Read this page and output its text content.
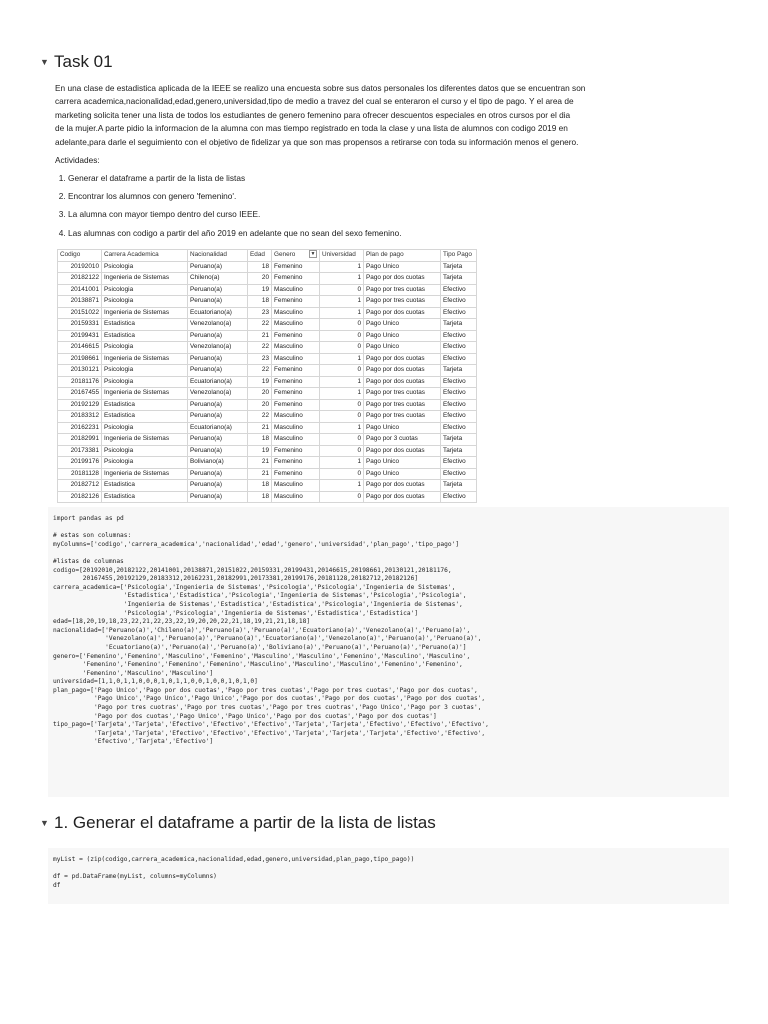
▼ Task 01

En una clase de estadistica aplicada de la IEEE se realizo una encuesta sobre sus datos personales los diferentes datos que se encuentran son

carrera academica,nacionalidad,edad,genero,universidad,tipo de medio a travez del cual se enteraron el curso y el tipo de pago. Y el area de

marketing solicita tener una lista de todos los estudiantes de genero femenino para ofrecer descuentos especiales en otros cursos por el dia

de la mujer.A parte pidio la informacion de la alumna con mas tiempo registrado en toda la clase y una lista de alumnos con codigo 2019 en

adelante,para darle el seguimiento con el objetivo de fidelizar ya que son mas propensos a retirarse con toda su información menos el genero.

Actividades:
1. Generar el dataframe a partir de la lista de listas
2. Encontrar los alumnos con genero 'femenino'.
3. La alumna con mayor tiempo dentro del curso IEEE.
4. Las alumnas con codigo a partir del año 2019 en adelante que no sean del sexo femenino.
Codigo	Carrera Academica	Nacionalidad	Edad	Genero ▼	Universidad	Plan de pago	Tipo Pago
20192010	Psicologia	Peruano(a)	18	Femenino	1	Pago Unico	Tarjeta
20182122	Ingenieria de Sistemas	Chileno(a)	20	Femenino	1	Pago por dos cuotas	Tarjeta
20141001	Psicologia	Peruano(a)	19	Masculino	0	Pago por tres cuotas	Efectivo
20138871	Psicologia	Peruano(a)	18	Femenino	1	Pago por tres cuotas	Efectivo
20151022	Ingenieria de Sistemas	Ecuatoriano(a)	23	Masculino	1	Pago por dos cuotas	Efectivo
20159331	Estadistica	Venezolano(a)	22	Masculino	0	Pago Unico	Tarjeta
20199431	Estadistica	Peruano(a)	21	Femenino	0	Pago Unico	Efectivo
20146615	Psicologia	Venezolano(a)	22	Masculino	0	Pago Unico	Efectivo
20198661	Ingenieria de Sistemas	Peruano(a)	23	Masculino	1	Pago por dos cuotas	Efectivo
20130121	Psicologia	Peruano(a)	22	Femenino	0	Pago por dos cuotas	Tarjeta
20181176	Psicologia	Ecuatoriano(a)	19	Femenino	1	Pago por dos cuotas	Efectivo
20167455	Ingenieria de Sistemas	Venezolano(a)	20	Femenino	1	Pago por tres cuotas	Efectivo
20192129	Estadistica	Peruano(a)	20	Femenino	0	Pago por tres cuotas	Efectivo
20183312	Estadistica	Peruano(a)	22	Masculino	0	Pago por tres cuotas	Efectivo
20162231	Psicologia	Ecuatoriano(a)	21	Masculino	1	Pago Unico	Efectivo
20182991	Ingenieria de Sistemas	Peruano(a)	18	Masculino	0	Pago por 3 cuotas	Tarjeta
20173381	Psicologia	Peruano(a)	19	Femenino	0	Pago por dos cuotas	Tarjeta
20199176	Psicologia	Boliviano(a)	21	Femenino	1	Pago Unico	Efectivo
20181128	Ingenieria de Sistemas	Peruano(a)	21	Femenino	0	Pago Unico	Efectivo
20182712	Estadistica	Peruano(a)	18	Masculino	1	Pago por dos cuotas	Tarjeta
20182126	Estadistica	Peruano(a)	18	Masculino	0	Pago por dos cuotas	Efectivo
import pandas as pd
# estas son columnas:
myColumns=['codigo','carrera_academica','nacionalidad','edad','genero','universidad','plan_pago','tipo_pago']
#listas de columnas
codigo=[20192010,20182122,20141001,20138871,20151022,20159331,20199431,20146615,20198661,20130121,20181176,
20167455,20192129,20183312,20162231,20182991,20173381,20199176,20181128,20182712,20182126]
carrera_academica=['Psicologia','Ingenieria de Sistemas','Psicologia','Psicologia','Ingenieria de Sistemas',
'Estadistica','Estadistica','Psicologia','Ingenieria de Sistemas','Psicologia','Psicologia',
'Ingenieria de Sistemas','Estadistica','Estadistica','Psicologia','Ingenieria de Sistemas',
'Psicologia','Psicologia','Ingenieria de Sistemas','Estadistica','Estadistica']
edad=[18,20,19,18,23,22,21,22,23,22,19,20,20,22,21,18,19,21,21,18,18]
nacionalidad=['Peruano(a)','Chileno(a)','Peruano(a)','Peruano(a)','Ecuatoriano(a)','Venezolano(a)','Peruano(a)',
'Venezolano(a)','Peruano(a)','Peruano(a)','Ecuatoriano(a)','Venezolano(a)','Peruano(a)','Peruano(a)',
'Ecuatoriano(a)','Peruano(a)','Peruano(a)','Boliviano(a)','Peruano(a)','Peruano(a)','Peruano(a)']
genero=['Femenino','Femenino','Masculino','Femenino','Masculino','Masculino','Femenino','Masculino','Masculino',
'Femenino','Femenino','Femenino','Femenino','Masculino','Masculino','Masculino','Femenino','Femenino',
'Femenino','Masculino','Masculino']
universidad=[1,1,0,1,1,0,0,0,1,0,1,1,0,0,1,0,0,1,0,1,0]
plan_pago=['Pago Unico','Pago por dos cuotas','Pago por tres cuotas','Pago por tres cuotas','Pago por dos cuotas',
'Pago Unico','Pago Unico','Pago Unico','Pago por dos cuotas','Pago por dos cuotas','Pago por dos cuotas',
'Pago por tres cuotras','Pago por tres cuotas','Pago por tres cuotras','Pago Unico','Pago por 3 cuotas',
'Pago por dos cuotas','Pago Unico','Pago Unico','Pago por dos cuotas','Pago por dos cuotas']
tipo_pago=['Tarjeta','Tarjeta','Efectivo','Efectivo','Efectivo','Tarjeta','Tarjeta','Efectivo','Efectivo','Efectivo',
'Tarjeta','Tarjeta','Efectivo','Efectivo','Efectivo','Tarjeta','Tarjeta','Tarjeta','Efectivo','Efectivo',
'Efectivo','Tarjeta','Efectivo']
▼ 1. Generar el dataframe a partir de la lista de listas
myList = (zip(codigo,carrera_academica,nacionalidad,edad,genero,universidad,plan_pago,tipo_pago))
df = pd.DataFrame(myList, columns=myColumns)
df
